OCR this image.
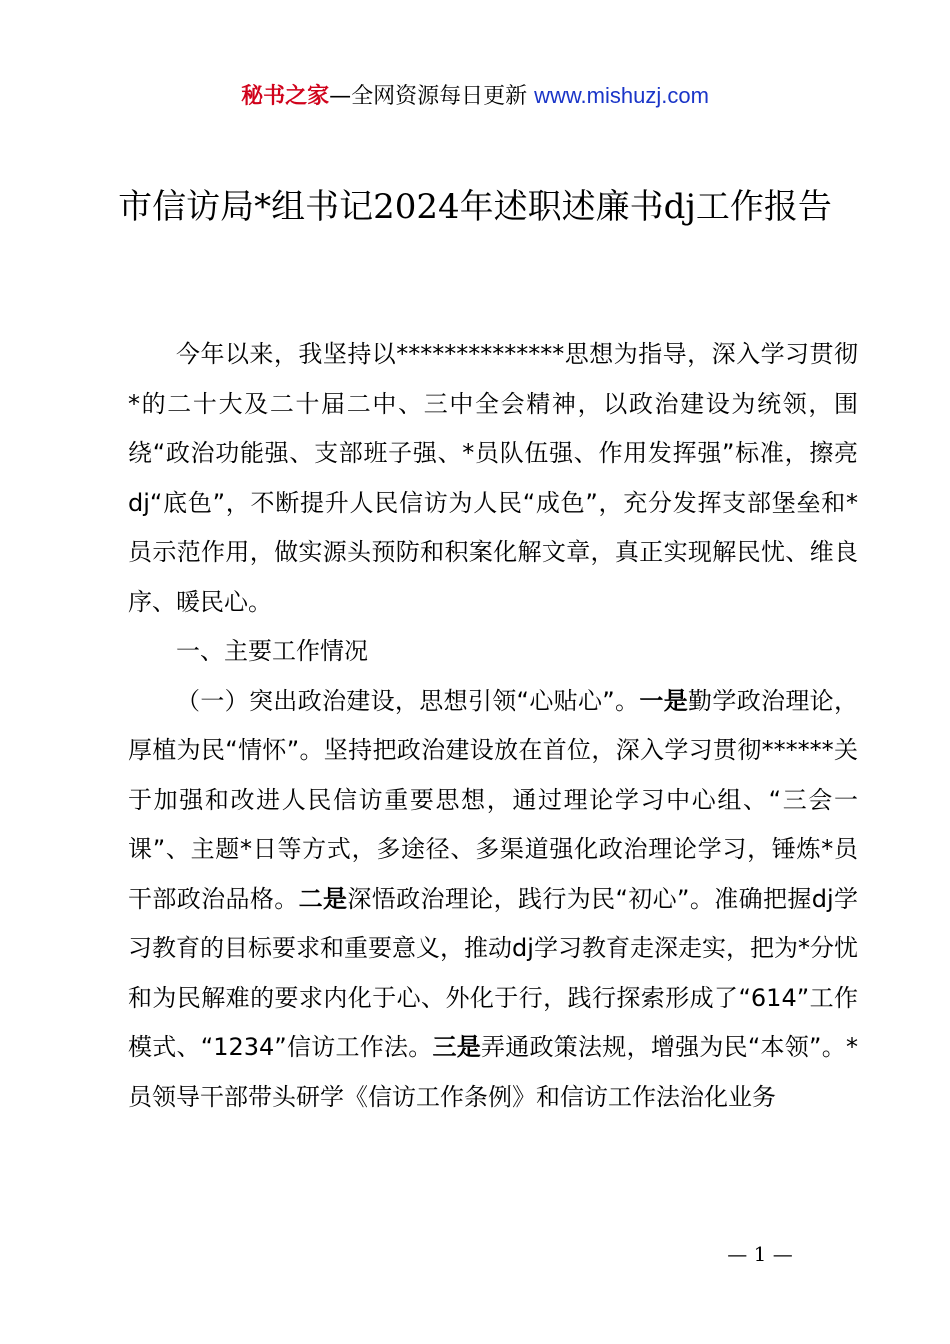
秘书之家—全网资源每日更新 www.mishuzj.com
市信访局*组书记2024年述职述廉书dj工作报告

今年以来，我坚持以**************思想为指导，深入学习贯彻*的二十大及二十届二中、三中全会精神，以政治建设为统领，围绕“政治功能强、支部班子强、*员队伍强、作用发挥强”标准，擦亮dj“底色”，不断提升人民信访为人民“成色”，充分发挥支部堡垒和*员示范作用，做实源头预防和积案化解文章，真正实现解民忧、维良序、暖民心。

一、主要工作情况

（一）突出政治建设，思想引领“心贴心”。一是勤学政治理论，厚植为民“情怀”。坚持把政治建设放在首位，深入学习贯彻******关于加强和改进人民信访重要思想，通过理论学习中心组、“三会一课”、主题*日等方式，多途径、多渠道强化政治理论学习，锤炼*员干部政治品格。二是深悟政治理论，践行为民“初心”。准确把握dj学习教育的目标要求和重要意义，推动dj学习教育走深走实，把为*分忧和为民解难的要求内化于心、外化于行，践行探索形成了“614”工作模式、“1234”信访工作法。三是弄通政策法规，增强为民“本领”。*员领导干部带头研学《信访工作条例》和信访工作法治化业务

— 1 —
